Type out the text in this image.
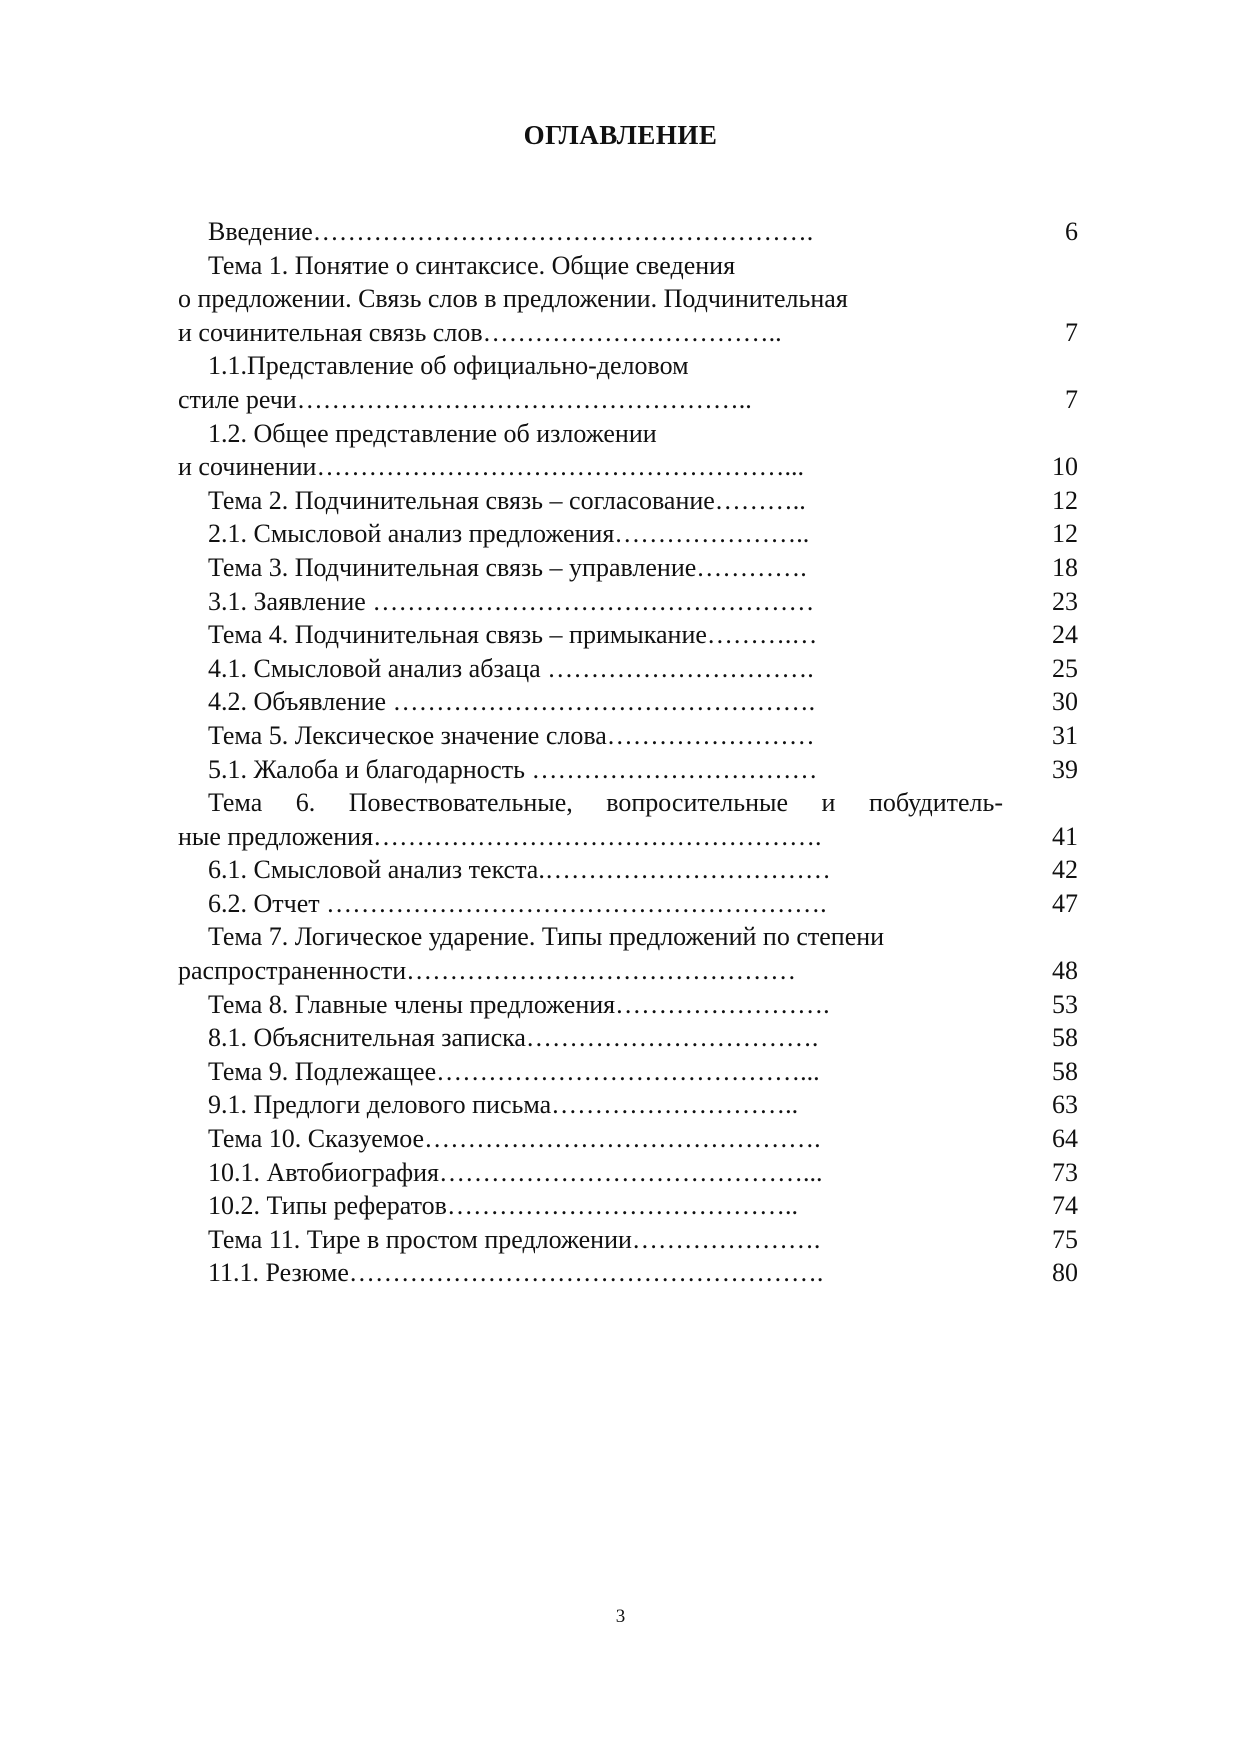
ОГЛАВЛЕНИЕ
Введение………………………………………………….	6
Тема 1. Понятие о синтаксисе. Общие сведения
о предложении. Связь слов в предложении. Подчинительная
и сочинительная связь слов……………………………..	7
1.1.Представление об официально-деловом
стиле речи……………………………………………..	7
1.2. Общее представление об изложении
и сочинении………………………………………………...	10
Тема 2. Подчинительная связь – согласование………..	12
2.1. Смысловой анализ предложения…………………..	12
Тема 3. Подчинительная связь – управление………….	18
3.1. Заявление ……………………………………………	23
Тема 4. Подчинительная связь – примыкание……….…	24
4.1. Смысловой анализ абзаца ………………………….	25
4.2. Объявление ………………………………………….	30
Тема 5. Лексическое значение слова……………………	31
5.1. Жалоба и благодарность ……………………………	39
Тема 6. Повествовательные, вопросительные и побудитель-
ные предложения…………………………………………….	41
6.1. Смысловой анализ текста.……………………………	42
6.2. Отчет ………………………………………………….	47
Тема 7. Логическое ударение. Типы предложений по степени
распространенности………………………………………	48
Тема 8. Главные члены предложения…………………….	53
8.1. Объяснительная записка…………………………….	58
Тема 9. Подлежащее……………………………………...	58
9.1. Предлоги делового письма………………………..	63
Тема 10. Сказуемое……………………………………….	64
10.1. Автобиография……………………………………...	73
10.2. Типы рефератов…………………………………..	74
Тема 11. Тире в простом предложении………………….	75
11.1. Резюме……………………………………………….	80
3
